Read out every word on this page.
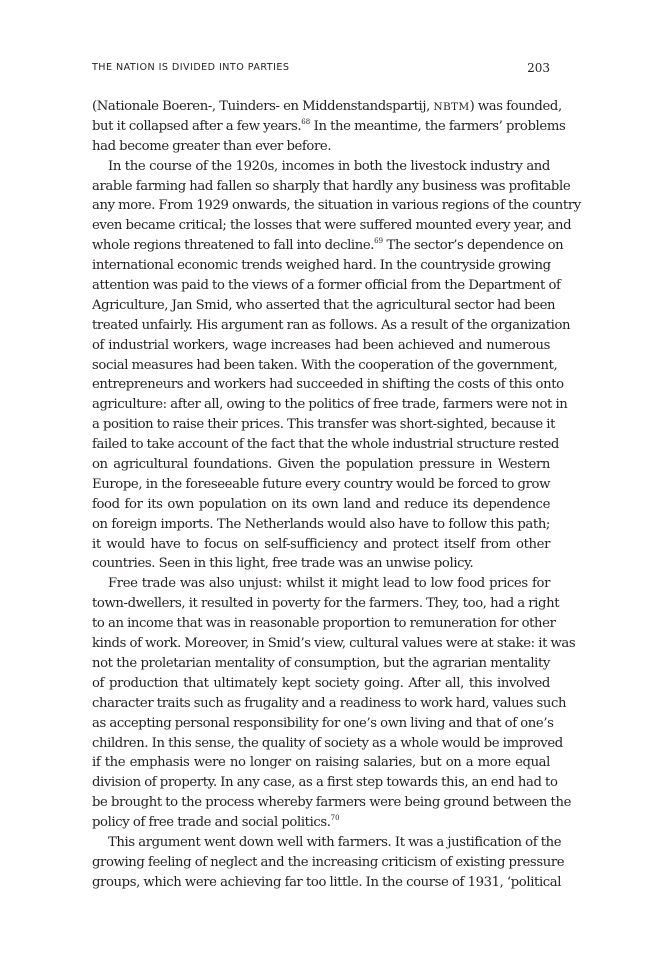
THE NATION IS DIVIDED INTO PARTIES	203
(Nationale Boeren-, Tuinders- en Middenstandspartij, NBTM) was founded,
but it collapsed after a few years.$^{68}$ In the meantime, the farmers’ problems
had become greater than ever before.
In the course of the 1920s, incomes in both the livestock industry and
arable farming had fallen so sharply that hardly any business was profitable
any more. From 1929 onwards, the situation in various regions of the country
even became critical; the losses that were suffered mounted every year, and
whole regions threatened to fall into decline.$^{69}$ The sector’s dependence on
international economic trends weighed hard. In the countryside growing
attention was paid to the views of a former official from the Department of
Agriculture, Jan Smid, who asserted that the agricultural sector had been
treated unfairly. His argument ran as follows. As a result of the organization
of industrial workers, wage increases had been achieved and numerous
social measures had been taken. With the cooperation of the government,
entrepreneurs and workers had succeeded in shifting the costs of this onto
agriculture: after all, owing to the politics of free trade, farmers were not in
a position to raise their prices. This transfer was short-sighted, because it
failed to take account of the fact that the whole industrial structure rested
on agricultural foundations. Given the population pressure in Western
Europe, in the foreseeable future every country would be forced to grow
food for its own population on its own land and reduce its dependence
on foreign imports. The Netherlands would also have to follow this path;
it would have to focus on self-sufficiency and protect itself from other
countries. Seen in this light, free trade was an unwise policy.
Free trade was also unjust: whilst it might lead to low food prices for
town-dwellers, it resulted in poverty for the farmers. They, too, had a right
to an income that was in reasonable proportion to remuneration for other
kinds of work. Moreover, in Smid’s view, cultural values were at stake: it was
not the proletarian mentality of consumption, but the agrarian mentality
of production that ultimately kept society going. After all, this involved
character traits such as frugality and a readiness to work hard, values such
as accepting personal responsibility for one’s own living and that of one’s
children. In this sense, the quality of society as a whole would be improved
if the emphasis were no longer on raising salaries, but on a more equal
division of property. In any case, as a first step towards this, an end had to
be brought to the process whereby farmers were being ground between the
policy of free trade and social politics.$^{70}$
This argument went down well with farmers. It was a justification of the
growing feeling of neglect and the increasing criticism of existing pressure
groups, which were achieving far too little. In the course of 1931, ‘political
